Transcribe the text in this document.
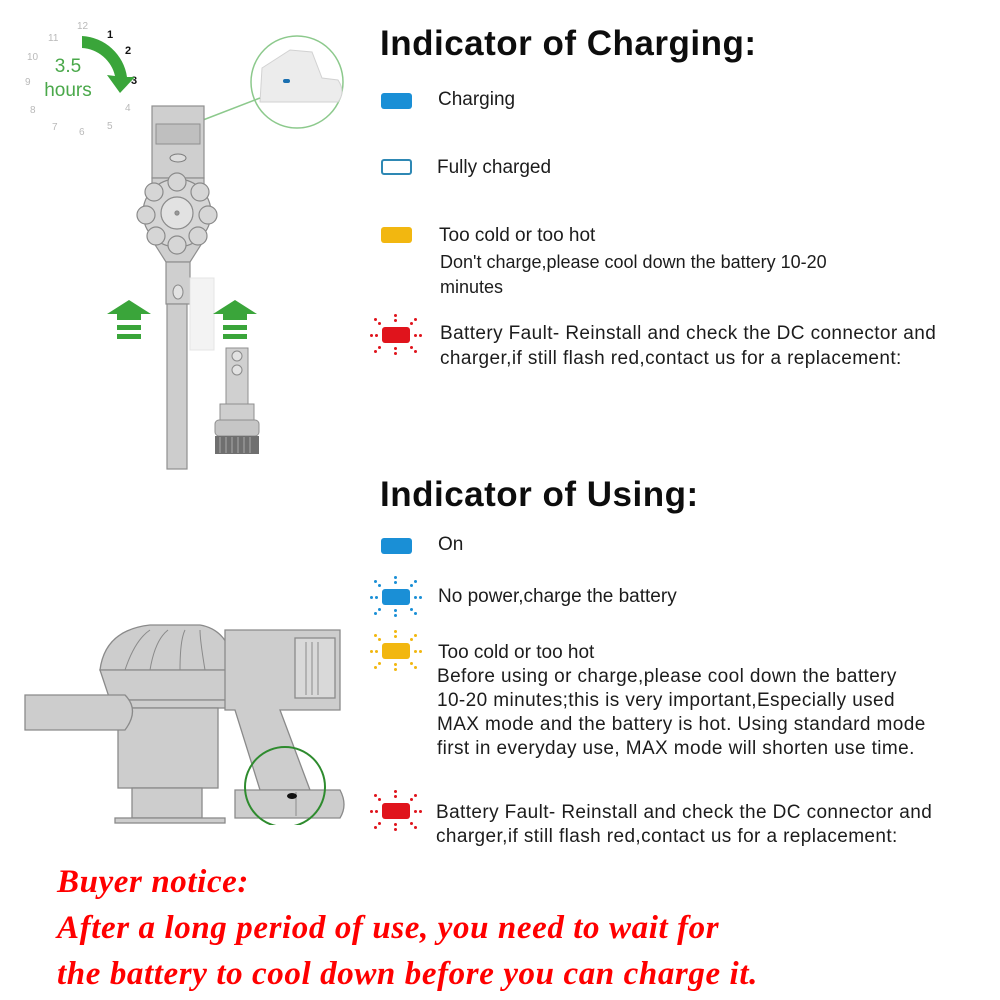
12
1
2
3
4
5
6
7
8
9
10
11
3.5
hours
Indicator of Charging:
Charging
Fully charged
Too cold or too hot
Don't charge,please cool down the battery 10-20
minutes
Battery Fault- Reinstall and check the DC connector and
charger,if still flash red,contact us for a replacement:
Indicator of Using:
On
No power,charge the battery
Too cold or too hot
Before using or charge,please cool down the battery
10-20 minutes;this is very important,Especially used
MAX mode and the battery is hot. Using standard mode
first in everyday use, MAX mode will shorten use time.
Battery Fault- Reinstall and check the DC connector and
charger,if still flash red,contact us for a replacement:
Buyer notice:
After a long period of use, you need to wait for
the battery to cool down before you can charge it.
